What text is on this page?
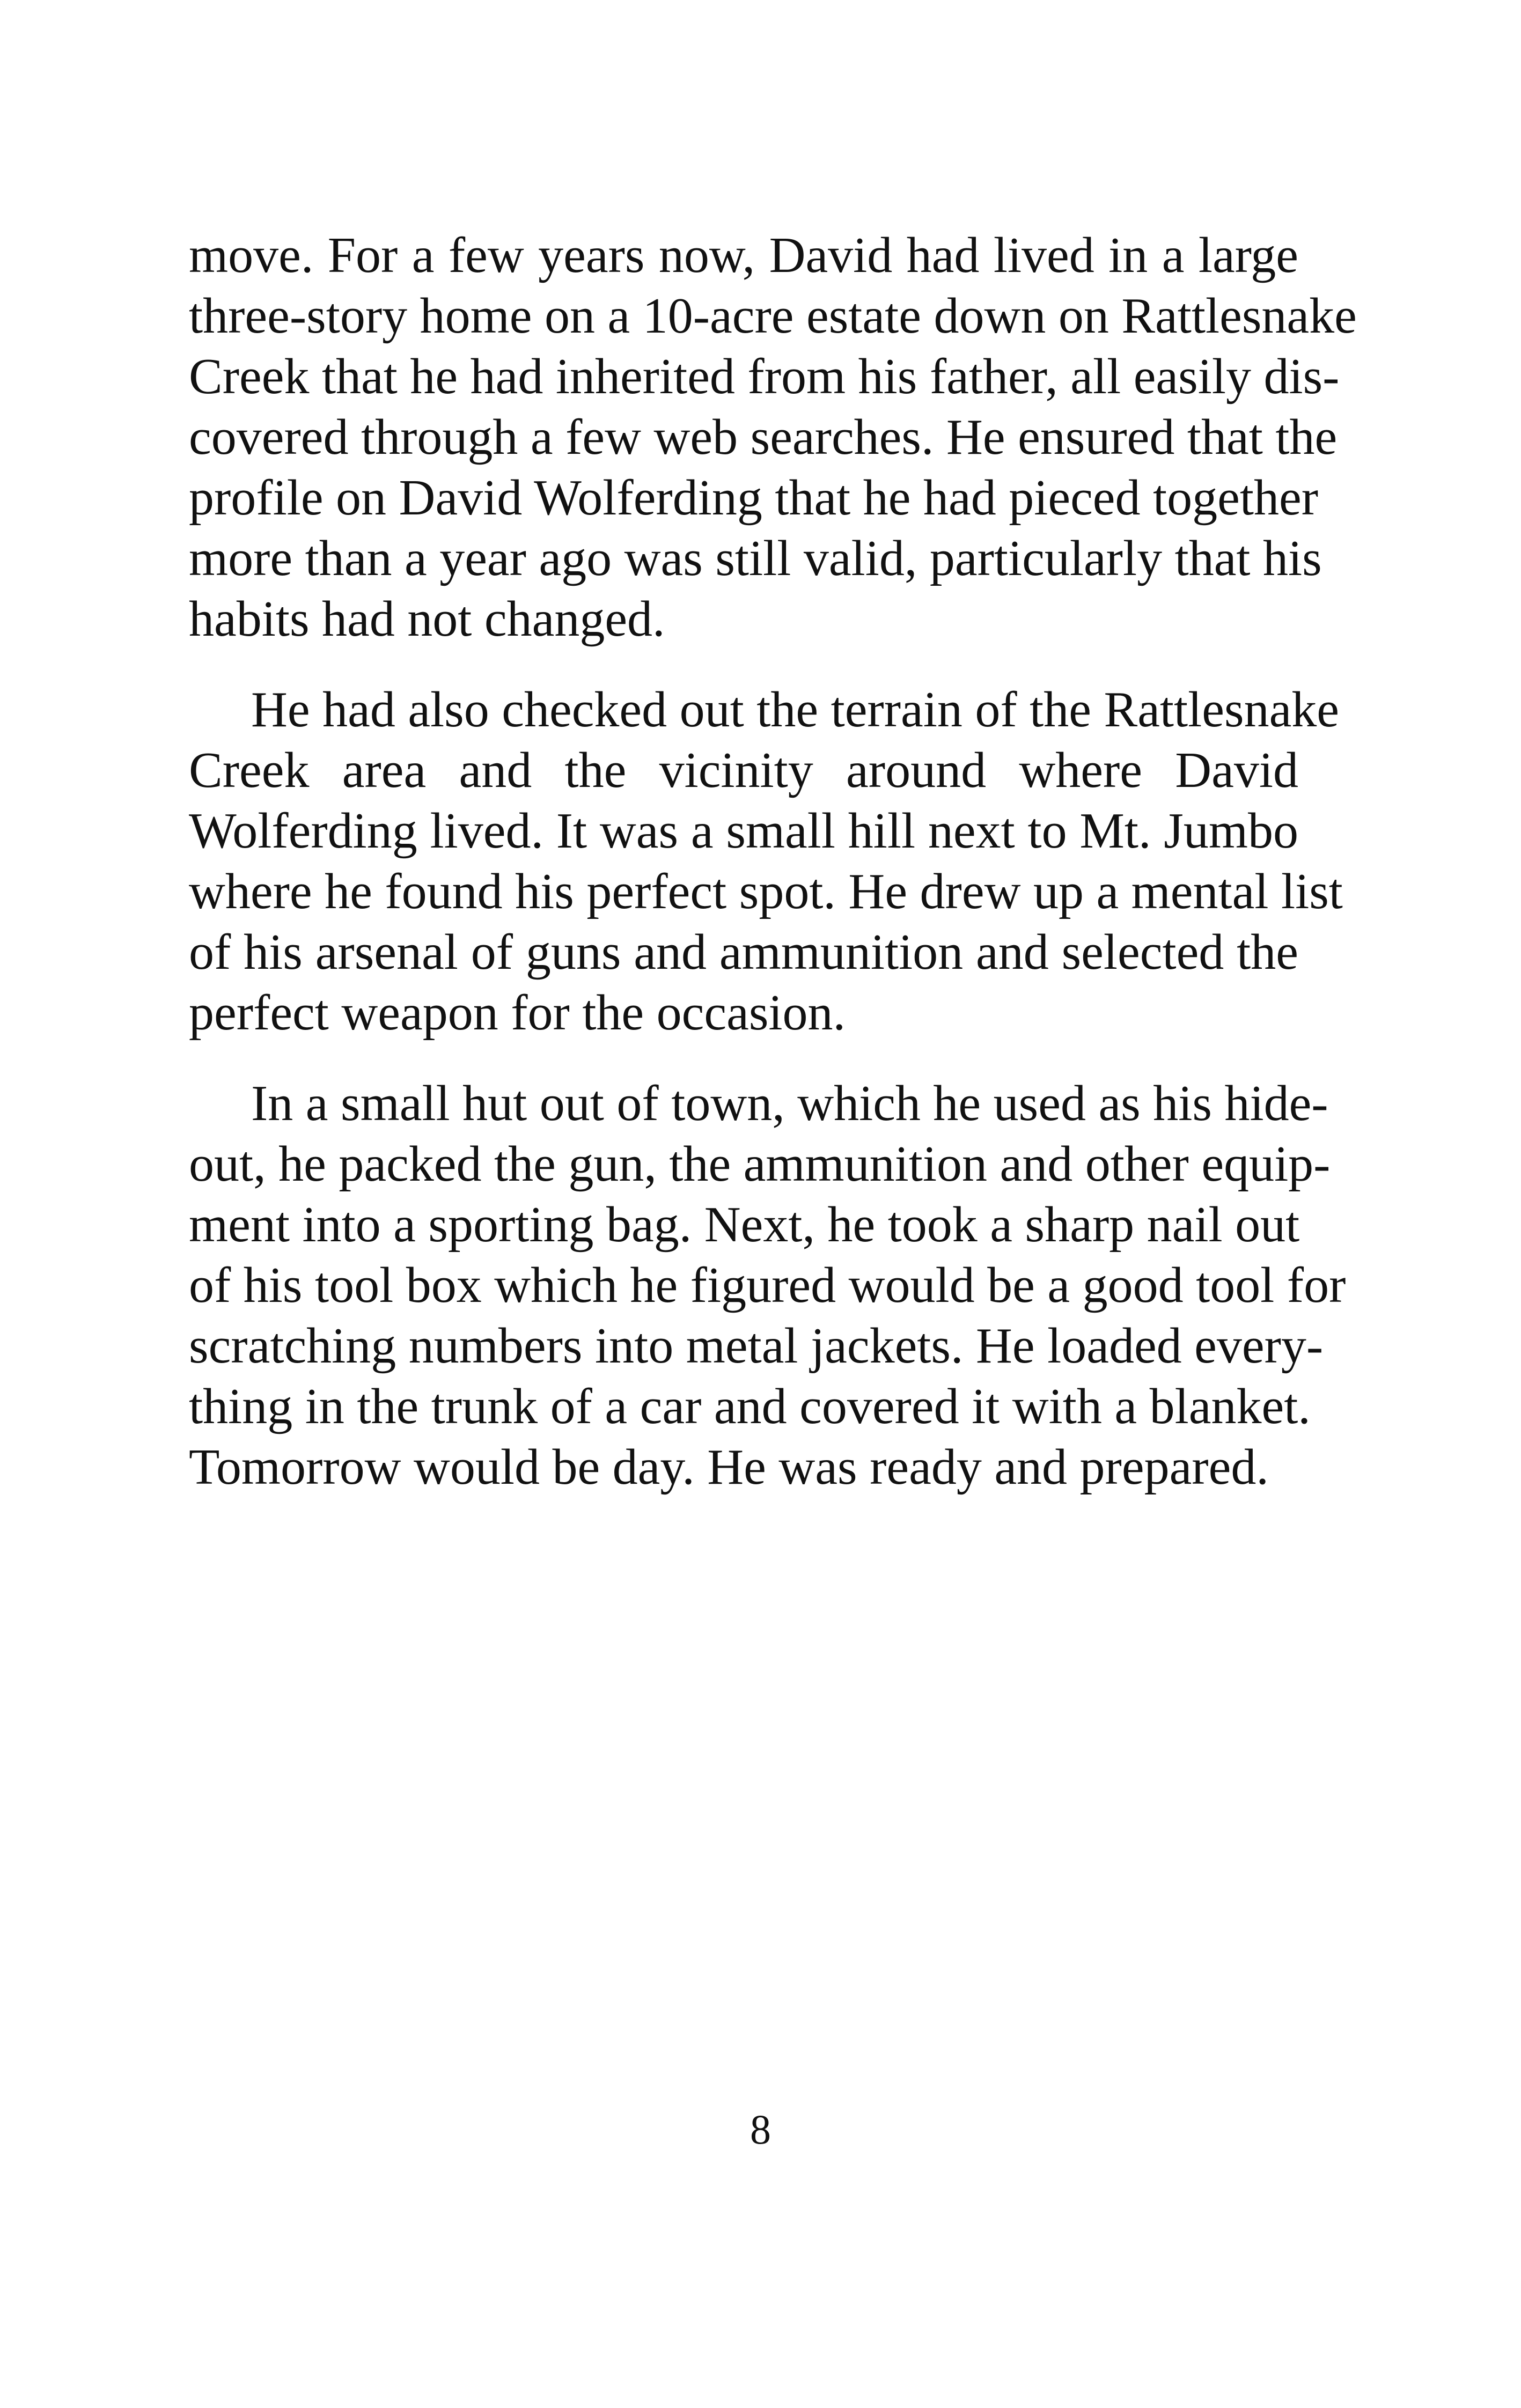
move. For a few years now, David had lived in a large
three-story home on a 10-acre estate down on Rattlesnake
Creek that he had inherited from his father, all easily dis-
covered through a few web searches. He ensured that the
profile on David Wolferding that he had pieced together
more than a year ago was still valid, particularly that his
habits had not changed.

He had also checked out the terrain of the Rattlesnake
Creek area and the vicinity around where David
Wolferding lived. It was a small hill next to Mt. Jumbo
where he found his perfect spot. He drew up a mental list
of his arsenal of guns and ammunition and selected the
perfect weapon for the occasion.

In a small hut out of town, which he used as his hide-
out, he packed the gun, the ammunition and other equip-
ment into a sporting bag. Next, he took a sharp nail out
of his tool box which he figured would be a good tool for
scratching numbers into metal jackets. He loaded every-
thing in the trunk of a car and covered it with a blanket.
Tomorrow would be day. He was ready and prepared.

8
